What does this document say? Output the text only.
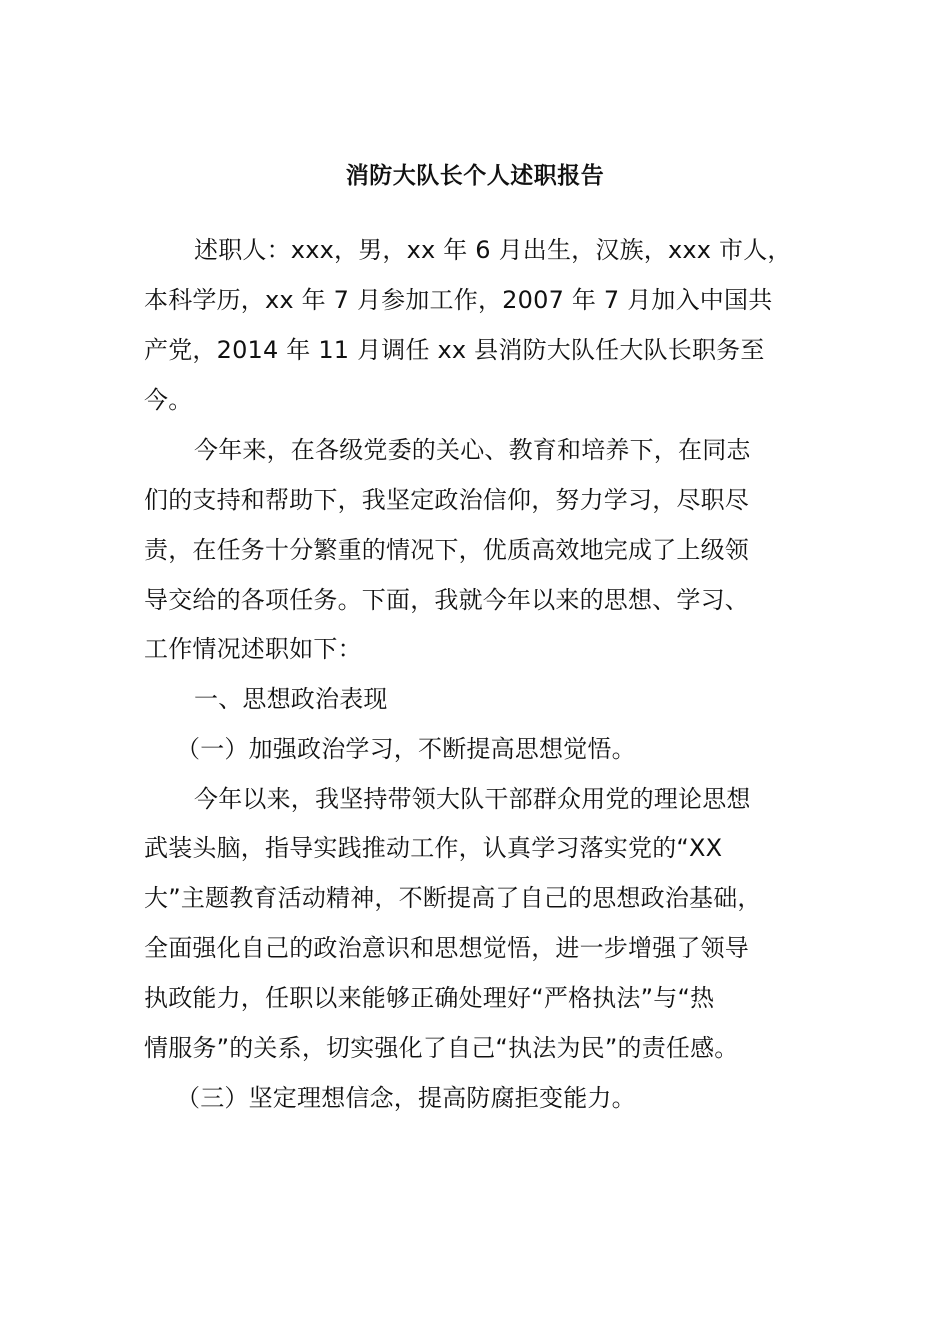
消防大队长个人述职报告
述职人：xxx，男，xx 年 6 月出生，汉族，xxx 市人，
本科学历，xx 年 7 月参加工作，2007 年 7 月加入中国共
产党，2014 年 11 月调任 xx 县消防大队任大队长职务至
今。
今年来，在各级党委的关心、教育和培养下，在同志
们的支持和帮助下，我坚定政治信仰，努力学习，尽职尽
责，在任务十分繁重的情况下，优质高效地完成了上级领
导交给的各项任务。下面，我就今年以来的思想、学习、
工作情况述职如下：
一、思想政治表现
（一）加强政治学习，不断提高思想觉悟。
今年以来，我坚持带领大队干部群众用党的理论思想
武装头脑，指导实践推动工作，认真学习落实党的“XX
大”主题教育活动精神，不断提高了自己的思想政治基础，
全面强化自己的政治意识和思想觉悟，进一步增强了领导
执政能力，任职以来能够正确处理好“严格执法”与“热
情服务”的关系，切实强化了自己“执法为民”的责任感。
（三）坚定理想信念，提高防腐拒变能力。
